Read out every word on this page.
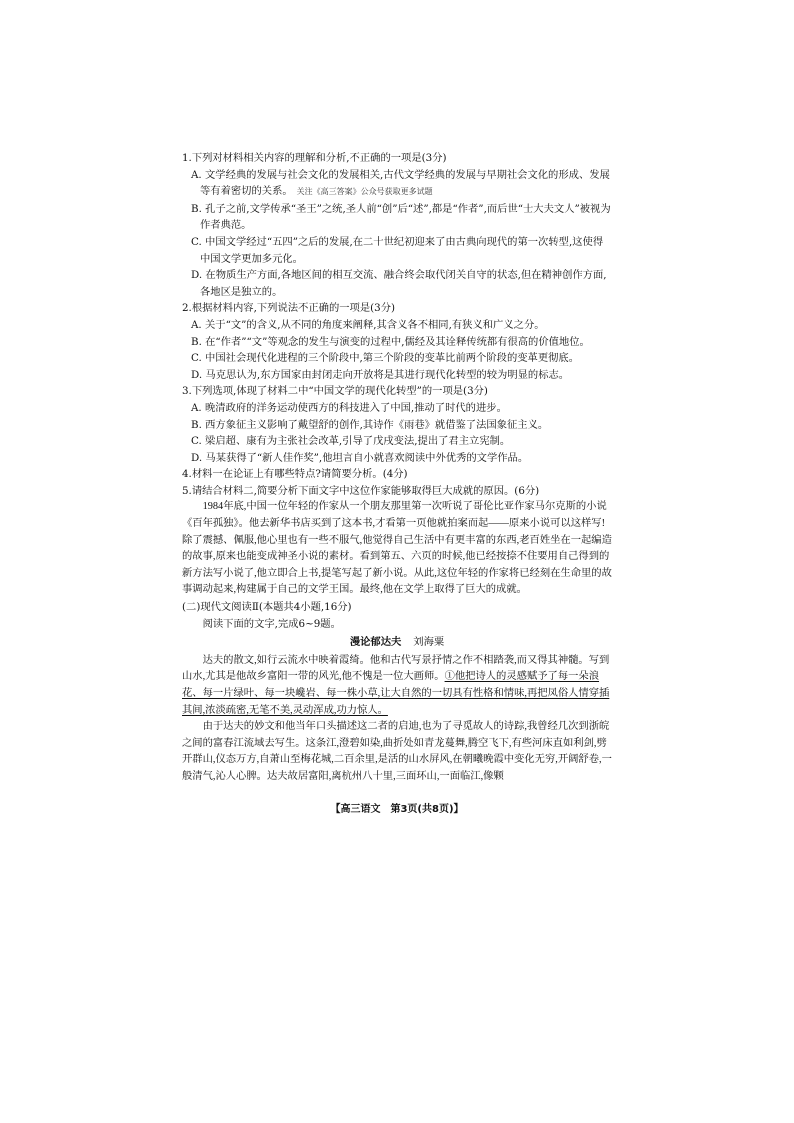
1.下列对材料相关内容的理解和分析,不正确的一项是(3分)

A. 文学经典的发展与社会文化的发展相关,古代文学经典的发展与早期社会文化的形成、发展等有着密切的关系。 关注《高三答案》公众号获取更多试题

B. 孔子之前,文学传承“圣王”之统,圣人前“创”后“述”,都是“作者”,而后世“士大夫文人”被视为作者典范。

C. 中国文学经过“五四”之后的发展,在二十世纪初迎来了由古典向现代的第一次转型,这使得中国文学更加多元化。

D. 在物质生产方面,各地区间的相互交流、融合终会取代闭关自守的状态,但在精神创作方面,各地区是独立的。

2.根据材料内容,下列说法不正确的一项是(3分)

A. 关于“文”的含义,从不同的角度来阐释,其含义各不相同,有狭义和广义之分。

B. 在“作者”“文”等观念的发生与演变的过程中,儒经及其诠释传统都有很高的价值地位。

C. 中国社会现代化进程的三个阶段中,第三个阶段的变革比前两个阶段的变革更彻底。

D. 马克思认为,东方国家由封闭走向开放将是其进行现代化转型的较为明显的标志。

3.下列选项,体现了材料二中“中国文学的现代化转型”的一项是(3分)

A. 晚清政府的洋务运动使西方的科技进入了中国,推动了时代的进步。

B. 西方象征主义影响了戴望舒的创作,其诗作《雨巷》就借鉴了法国象征主义。

C. 梁启超、康有为主张社会改革,引导了戊戌变法,提出了君主立宪制。

D. 马某获得了“新人佳作奖”,他坦言自小就喜欢阅读中外优秀的文学作品。

4.材料一在论证上有哪些特点?请简要分析。(4分)

5.请结合材料二,简要分析下面文字中这位作家能够取得巨大成就的原因。(6分)

1984年底,中国一位年轻的作家从一个朋友那里第一次听说了哥伦比亚作家马尔克斯的小说《百年孤独》。他去新华书店买到了这本书,才看第一页他就拍案而起——原来小说可以这样写!除了震撼、佩服,他心里也有一些不服气,他觉得自己生活中有更丰富的东西,老百姓坐在一起编造的故事,原来也能变成神圣小说的素材。看到第五、六页的时候,他已经按捺不住要用自己得到的新方法写小说了,他立即合上书,提笔写起了新小说。从此,这位年轻的作家将已经刻在生命里的故事调动起来,构建属于自己的文学王国。最终,他在文学上取得了巨大的成就。

(二)现代文阅读Ⅱ(本题共4小题,16分)

阅读下面的文字,完成6~9题。

漫论郁达夫 刘海粟

达夫的散文,如行云流水中映着霞绮。他和古代写景抒情之作不相踏袭,而又得其神髓。写到山水,尤其是他故乡富阳一带的风光,他不愧是一位大画师。①他把诗人的灵感赋予了每一朵浪花、每一片绿叶、每一块巉岩、每一株小草,让大自然的一切具有性格和情味,再把凤俗人情穿插其间,浓淡疏密,无笔不美,灵动浑成,功力惊人。

由于达夫的妙文和他当年口头描述这二者的启迪,也为了寻觅故人的诗踪,我曾经几次到浙皖之间的富春江流域去写生。这条江,澄碧如染,曲折处如青龙蔓舞,腾空飞下,有些河床直如利剑,劈开群山,仪态万方,自萧山至梅花城,二百余里,是活的山水屏风,在朝曦晚霞中变化无穷,开阔舒卷,一般清气,沁人心脾。达夫故居富阳,离杭州八十里,三面环山,一面临江,像颗

【高三语文　第3页(共8页)】
